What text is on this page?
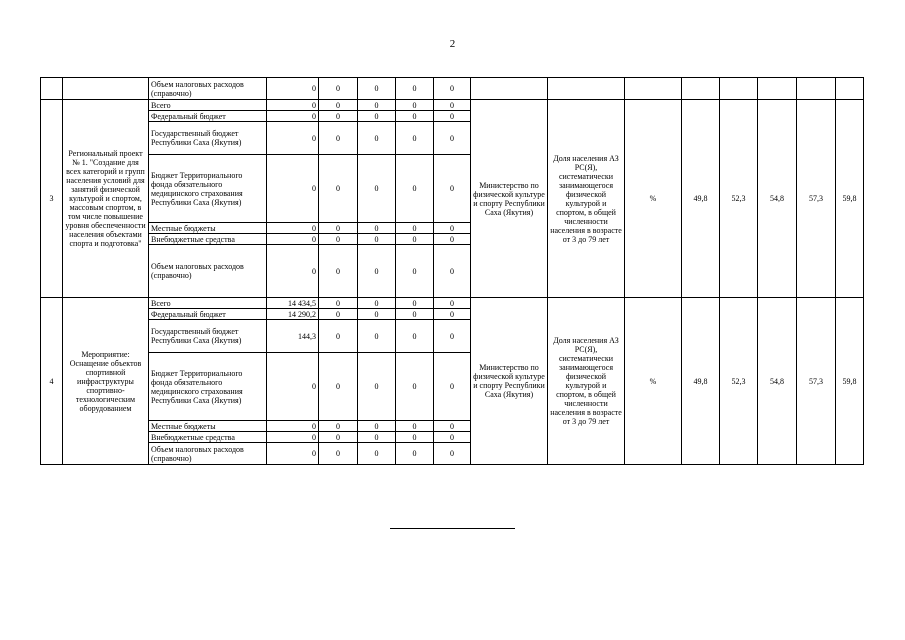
2
		Объем налоговых расходов (справочно)	0	0	0	0	0								
3	Региональный проект № 1. "Создание для всех категорий и групп населения условий для занятий физической культурой и спортом, массовым спортом, в том числе повышение уровня обеспеченности населения объектами спорта и подготовка"	Всего	0	0	0	0	0	Министерство по физической культуре и спорту Республики Саха (Якутия)	Доля населения АЗ РС(Я), систематически занимающегося физической культурой и спортом, в общей численности населения в возрасте от 3 до 79 лет	%	49,8	52,3	54,8	57,3	59,8
		Федеральный бюджет	0	0	0	0	0								
		Государственный бюджет Республики Саха (Якутия)	0	0	0	0	0								
		Бюджет Территориального фонда обязательного медицинского страхования Республики Саха (Якутия)	0	0	0	0	0								
		Местные бюджеты	0	0	0	0	0								
		Внебюджетные средства	0	0	0	0	0								
		Объем налоговых расходов (справочно)	0	0	0	0	0								
4	Мероприятие: Оснащение объектов спортивной инфраструктуры спортивно-технологическим оборудованием	Всего	14 434,5	0	0	0	0	Министерство по физической культуре и спорту Республики Саха (Якутия)	Доля населения АЗ РС(Я), систематически занимающегося физической культурой и спортом, в общей численности населения в возрасте от 3 до 79 лет	%	49,8	52,3	54,8	57,3	59,8
		Федеральный бюджет	14 290,2	0	0	0	0								
		Государственный бюджет Республики Саха (Якутия)	144,3	0	0	0	0								
		Бюджет Территориального фонда обязательного медицинского страхования Республики Саха (Якутия)	0	0	0	0	0								
		Местные бюджеты	0	0	0	0	0								
		Внебюджетные средства	0	0	0	0	0								
		Объем налоговых расходов (справочно)	0	0	0	0	0								
